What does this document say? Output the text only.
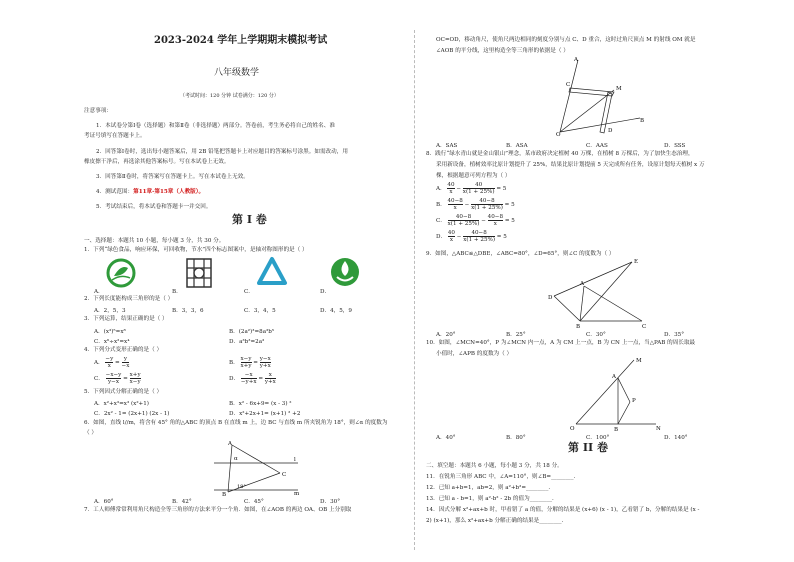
2023-2024 学年上学期期末模拟考试
八年级数学
（考试时间：120 分钟 试卷满分：120 分）
注意事项：
1．本试卷分第Ⅰ卷（选择题）和第Ⅱ卷（非选择题）两部分。答卷前，考生务必将自己的姓名、准
考证号填写在答题卡上。
2．回答第Ⅰ卷时，选出每小题答案后，用 2B 铅笔把答题卡上对应题目的答案标号涂黑。如需改动，用
橡皮擦干净后，再选涂其他答案标号。写在本试卷上无效。
3．回答第Ⅱ卷时，将答案写在答题卡上。写在本试卷上无效。
4．测试范围：第11章-第15章（人教版）。
5．考试结束后，将本试卷和答题卡一并交回。
第 I 卷
一、选择题：本题共 10 小题，每小题 3 分，共 30 分。
1．下列“绿色食品，响应环保，可回收物，节水”四个标志图案中，是轴对称图形的是（ ）
A．	B．	C．	D．
2．下列长度能构成三角形的是（ ）
A．2，5，3	B．3，3，6	C．3，4，5	D．4，5，9
3．下列运算，结果正确的是（ ）
A．(x³)⁵=x⁸	B．(2a²)³=8a³b⁵
C．x⁶÷x²=x⁴	D．a³b³=2a³
4．下列分式变形正确的是（ ）
A． $\frac{-y}{x} = \frac{y}{-x}$	B． $\frac{x-y}{x+y} = \frac{y-x}{y+x}$
C． $\frac{-x-y}{y-x} = \frac{x+y}{x-y}$	D． $\frac{-x}{-y+x} = \frac{x}{y+x}$
5．下列因式分解正确的是（ ）
A．x²+x³=x³ (x²+1)	B．x² - 6x+9= (x - 3) ²
C．2x² - 1= (2x+1) (2x - 1)	D．x²+2x+1= (x+1) ² +2
6．如图，直线 l//m，将含有 45° 角的△ABC 的顶点 B 在直线 m 上，边 BC 与直线 m 所夹锐角为 18°，则∠α 的度数为
（ ）
A
α	l
C
B
18°
m
A．60°	B．42°	C．45°	D．30°
7．工人师傅常常利用角尺构造全等三角形的方法来平分一个角．如图，在∠AOB 的两边 OA、OB 上分别取
OC=OD，移动角尺，使角尺两边相同的刻度分别与点 C、D 重合，这时过角尺顶点 M 的射线 OM 就是
∠AOB 的平分线，这里构造全等三角形的依据是（ ）
A
C
M
O
D
B
A．SAS	B．ASA	C．AAS	D．SSS
8．践行“绿水青山就是金山银山”理念，某市政府决定植树 40 万棵，在植树 8 万棵后，为了加快生态治理，
采用新设备，植树效率比原计划提升了 25%，结果比原计划提前 5 天完成所有任务，设原计划每天植树 x 万
棵，根据题意可列方程为（ ）
A． $\frac{40}{x} - \frac{40}{x(1 + 25\%)} = 5$
B． $\frac{40-8}{x} - \frac{40-8}{x(1 + 25\%)} = 5$
C． $\frac{40-8}{x(1 + 25\%)} - \frac{40-8}{x} = 5$
D． $\frac{40}{x} - \frac{40-8}{x(1 + 25\%)} = 5$
9．如图，△ABC≌△DBE，∠ABC=80°，∠D=65°，则∠C 的度数为（ ）
E
A
D
B	C
A．20°	B．25°	C．30°	D．35°
10．如图，∠MCN=40°，P 为∠MCN 内一点，A 为 CM 上一点，B 为 CN 上一点，当△PAB 的周长取最
小值时，∠APB 的度数为（ ）
M
A
P
O	B	N
A．40°	B．80°	C．100°	D．140°
第 II 卷
二、填空题：本题共 6 小题，每小题 3 分，共 18 分。
11．在锐角三角形 ABC 中，∠A=110°，则∠B=________.
12．已知 a+b=1，ab=2，则 a²+b²=________.
13．已知 a - b=1，则 a²-b² - 2b 的值为________.
14．因式分解 x²+ax+b 时，甲看错了 a 的值，分解的结果是 (x+6) (x - 1)，乙看错了 b，分解的结果是 (x -
2) (x+1)，那么 x²+ax+b 分解正确的结果是________.
